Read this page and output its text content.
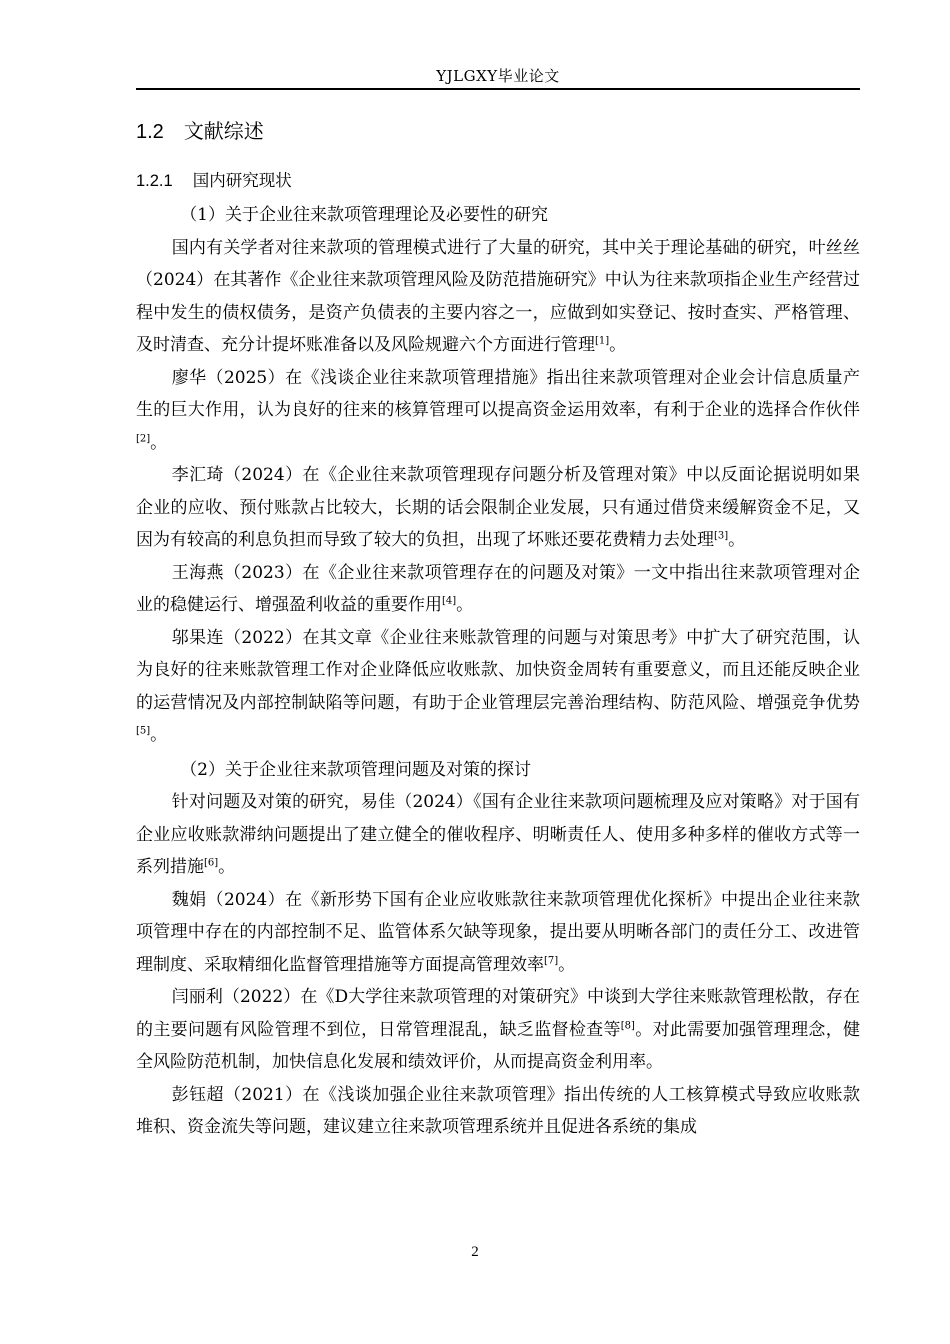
YJLGXY毕业论文
1.2 文献综述
1.2.1 国内研究现状

（1）关于企业往来款项管理理论及必要性的研究

国内有关学者对往来款项的管理模式进行了大量的研究，其中关于理论基础的研究，叶丝丝（2024）在其著作《企业往来款项管理风险及防范措施研究》中认为往来款项指企业生产经营过程中发生的债权债务，是资产负债表的主要内容之一，应做到如实登记、按时查实、严格管理、及时清查、充分计提坏账准备以及风险规避六个方面进行管理[1]。

廖华（2025）在《浅谈企业往来款项管理措施》指出往来款项管理对企业会计信息质量产生的巨大作用，认为良好的往来的核算管理可以提高资金运用效率，有利于企业的选择合作伙伴[2]。

李汇琦（2024）在《企业往来款项管理现存问题分析及管理对策》中以反面论据说明如果企业的应收、预付账款占比较大，长期的话会限制企业发展，只有通过借贷来缓解资金不足，又因为有较高的利息负担而导致了较大的负担，出现了坏账还要花费精力去处理[3]。

王海燕（2023）在《企业往来款项管理存在的问题及对策》一文中指出往来款项管理对企业的稳健运行、增强盈利收益的重要作用[4]。

邬果连（2022）在其文章《企业往来账款管理的问题与对策思考》中扩大了研究范围，认为良好的往来账款管理工作对企业降低应收账款、加快资金周转有重要意义，而且还能反映企业的运营情况及内部控制缺陷等问题，有助于企业管理层完善治理结构、防范风险、增强竞争优势[5]。

（2）关于企业往来款项管理问题及对策的探讨

针对问题及对策的研究，易佳（2024）《国有企业往来款项问题梳理及应对策略》对于国有企业应收账款滞纳问题提出了建立健全的催收程序、明晰责任人、使用多种多样的催收方式等一系列措施[6]。

魏娟（2024）在《新形势下国有企业应收账款往来款项管理优化探析》中提出企业往来款项管理中存在的内部控制不足、监管体系欠缺等现象，提出要从明晰各部门的责任分工、改进管理制度、采取精细化监督管理措施等方面提高管理效率[7]。

闫丽利（2022）在《D大学往来款项管理的对策研究》中谈到大学往来账款管理松散，存在的主要问题有风险管理不到位，日常管理混乱，缺乏监督检查等[8]。对此需要加强管理理念，健全风险防范机制，加快信息化发展和绩效评价，从而提高资金利用率。

彭钰超（2021）在《浅谈加强企业往来款项管理》指出传统的人工核算模式导致应收账款堆积、资金流失等问题，建议建立往来款项管理系统并且促进各系统的集成

2
